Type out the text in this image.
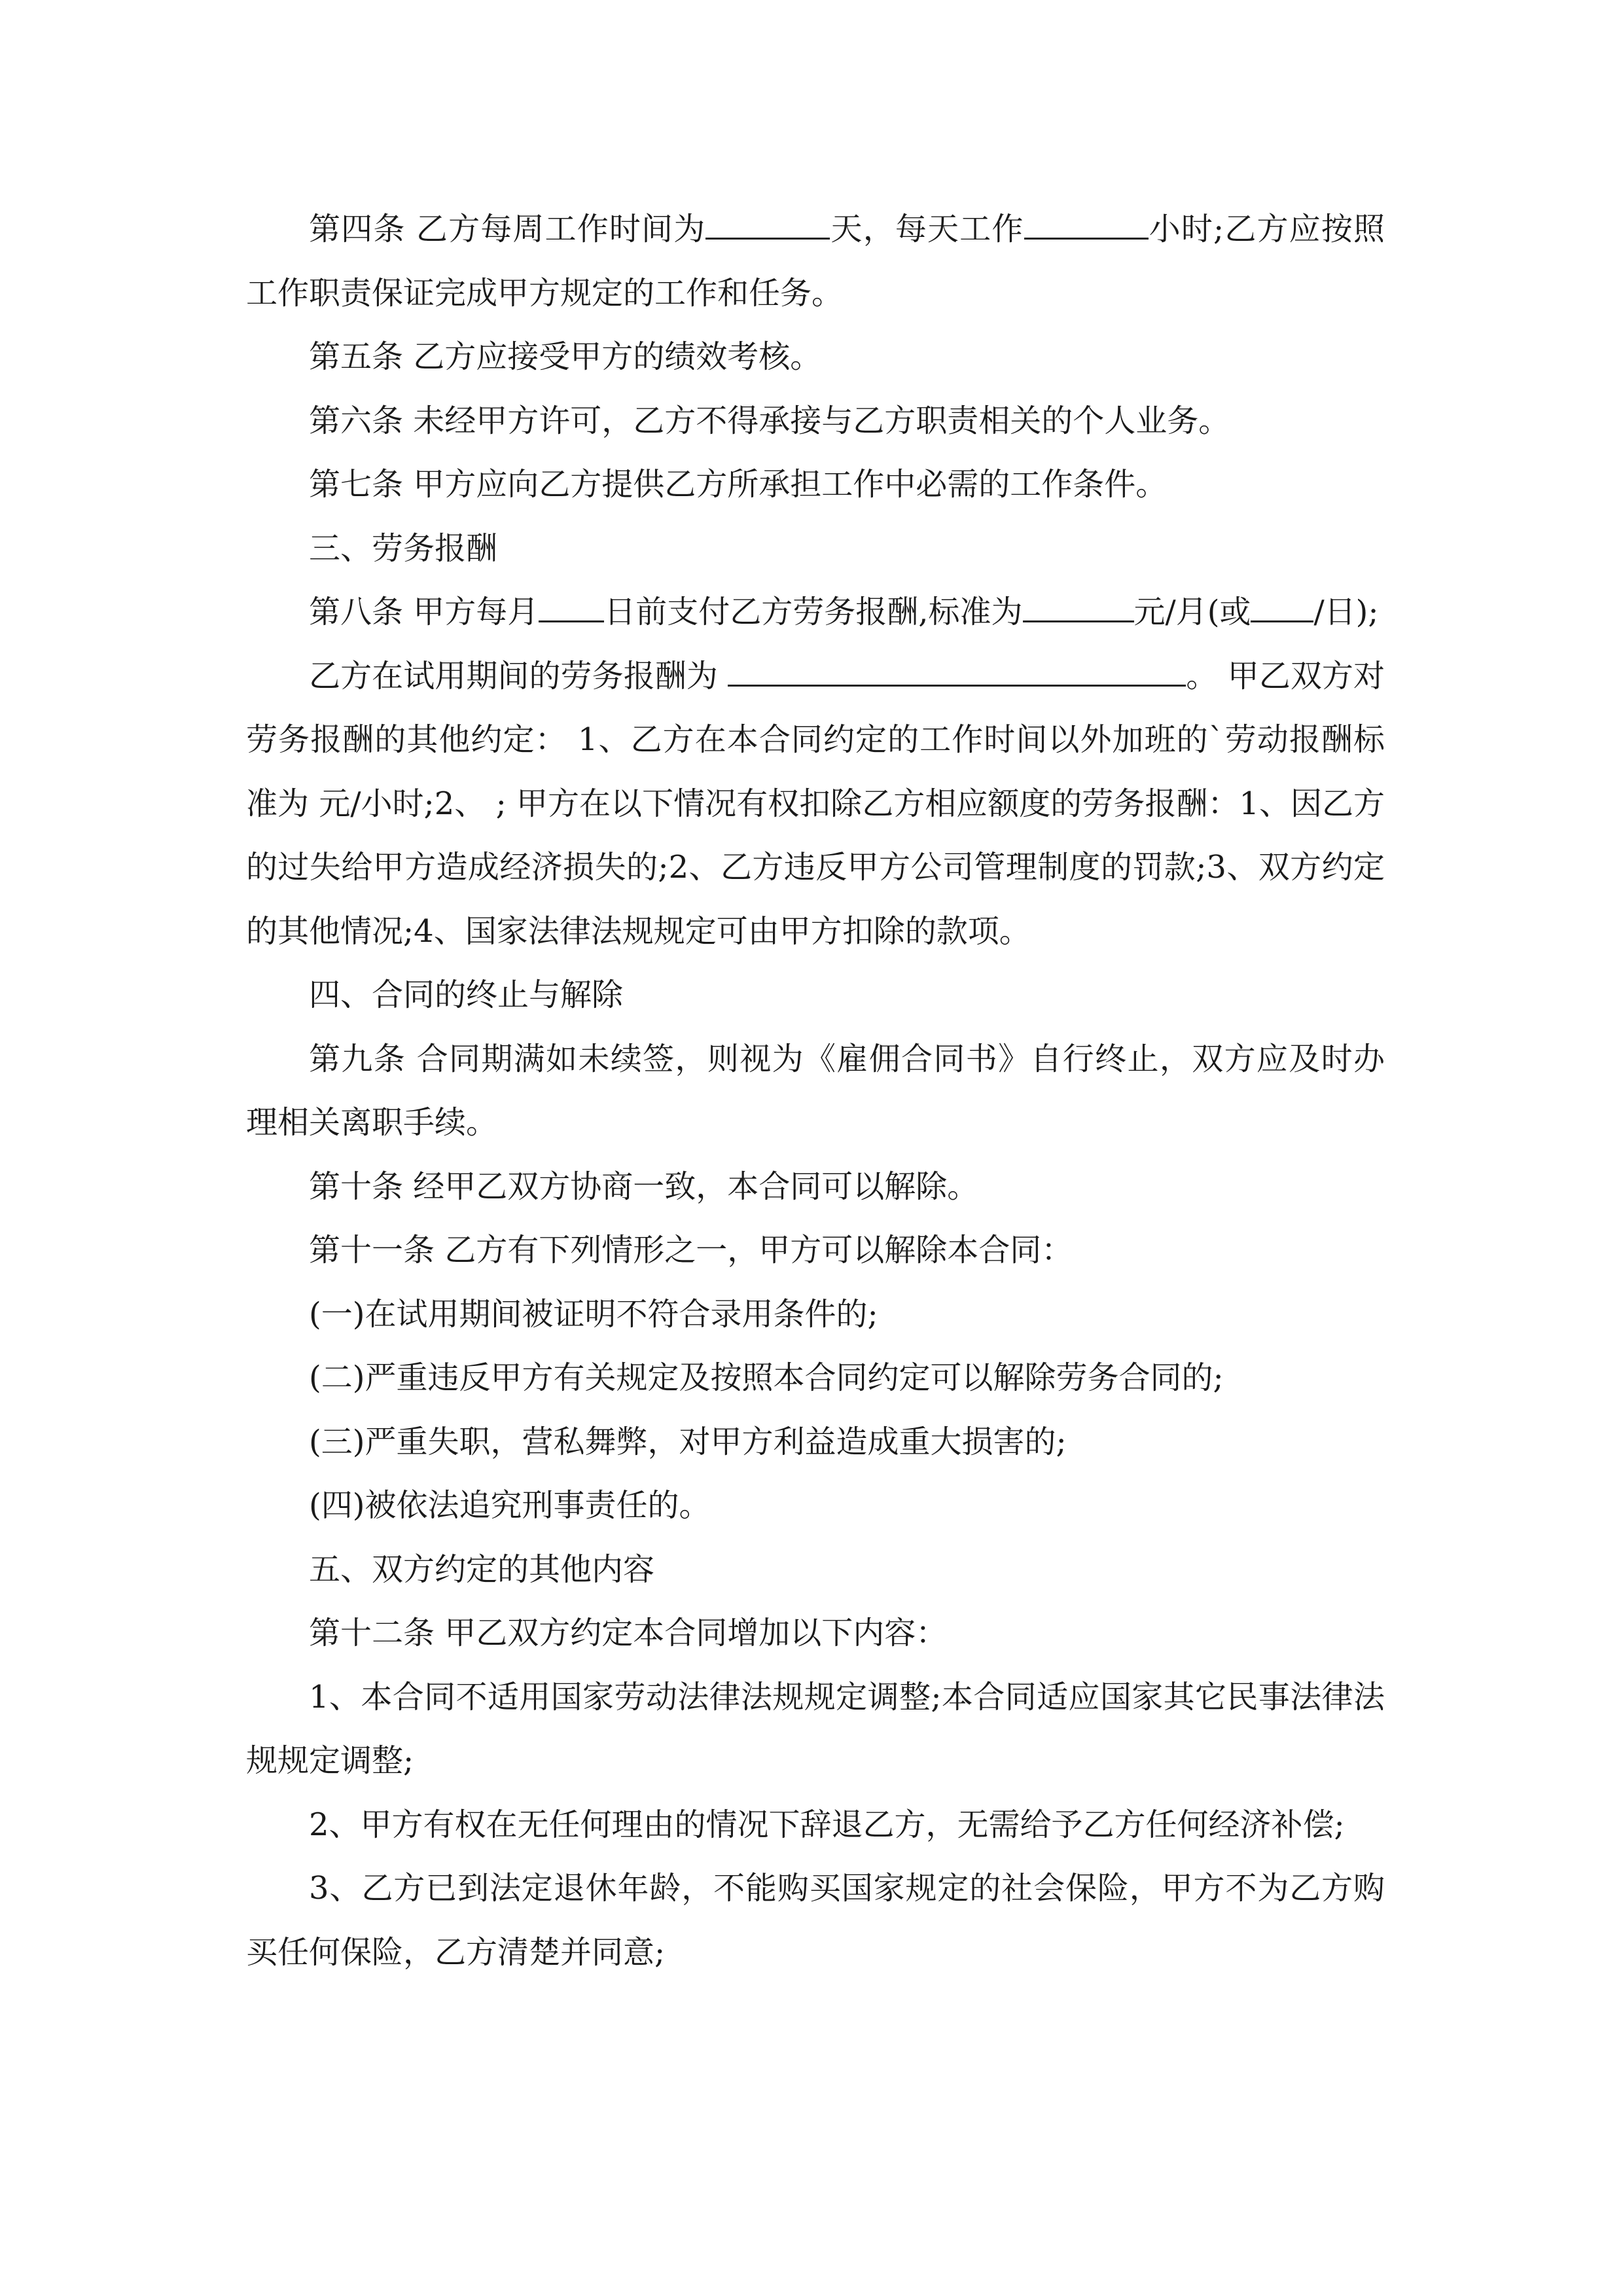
第四条 乙方每周工作时间为	天，每天工作	小时;乙方应按照工作职责保证完成甲方规定的工作和任务。

第五条 乙方应接受甲方的绩效考核。

第六条 未经甲方许可，乙方不得承接与乙方职责相关的个人业务。

第七条 甲方应向乙方提供乙方所承担工作中必需的工作条件。

三、劳务报酬

第八条 甲方每月 日前支付乙方劳务报酬,标准为	元/月(或 /日);

乙方在试用期间的劳务报酬为	。 甲乙双方对劳务报酬的其他约定： 1、乙方在本合同约定的工作时间以外加班的`劳动报酬标准为 元/小时;2、 ; 甲方在以下情况有权扣除乙方相应额度的劳务报酬：1、因乙方的过失给甲方造成经济损失的;2、乙方违反甲方公司管理制度的罚款;3、双方约定的其他情况;4、国家法律法规规定可由甲方扣除的款项。

四、合同的终止与解除

第九条 合同期满如未续签，则视为《雇佣合同书》自行终止，双方应及时办理相关离职手续。

第十条 经甲乙双方协商一致，本合同可以解除。

第十一条 乙方有下列情形之一，甲方可以解除本合同：

(一)在试用期间被证明不符合录用条件的;

(二)严重违反甲方有关规定及按照本合同约定可以解除劳务合同的;

(三)严重失职，营私舞弊，对甲方利益造成重大损害的;

(四)被依法追究刑事责任的。

五、双方约定的其他内容

第十二条 甲乙双方约定本合同增加以下内容：

1、本合同不适用国家劳动法律法规规定调整;本合同适应国家其它民事法律法规规定调整;

2、甲方有权在无任何理由的情况下辞退乙方，无需给予乙方任何经济补偿;

3、乙方已到法定退休年龄，不能购买国家规定的社会保险，甲方不为乙方购买任何保险，乙方清楚并同意;
